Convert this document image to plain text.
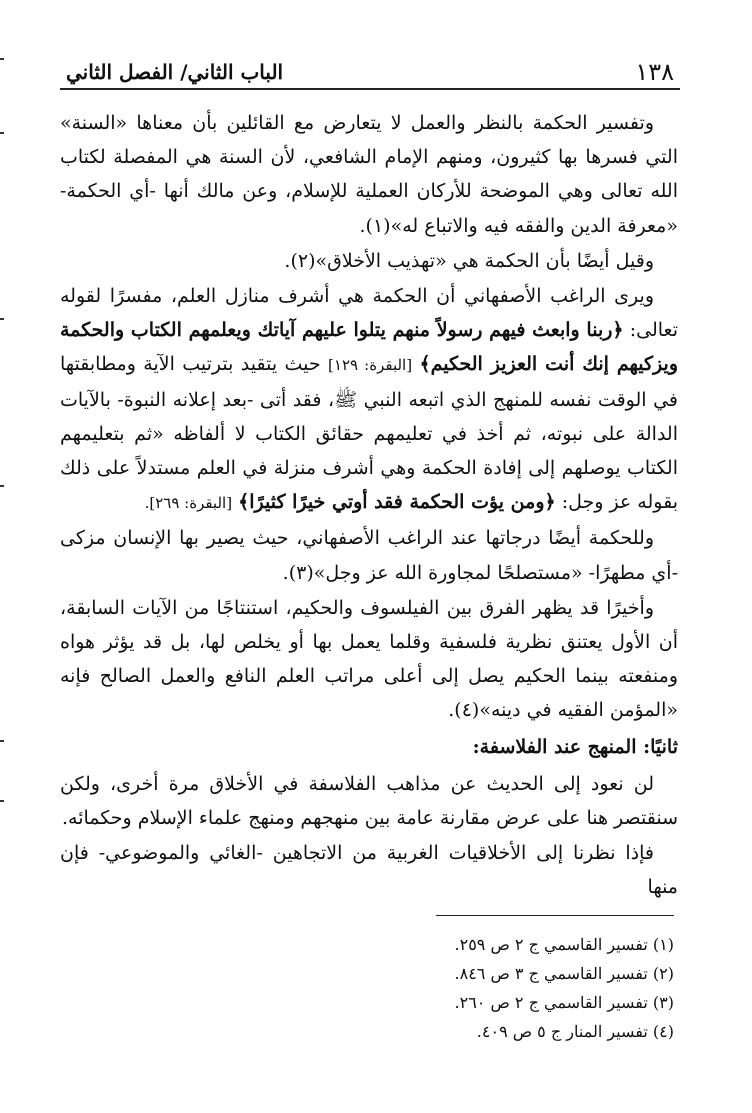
١٣٨
الباب الثاني/ الفصل الثاني

وتفسير الحكمة بالنظر والعمل لا يتعارض مع القائلين بأن معناها «السنة» التي فسرها بها كثيرون، ومنهم الإمام الشافعي، لأن السنة هي المفصلة لكتاب الله تعالى وهي الموضحة للأركان العملية للإسلام، وعن مالك أنها -أي الحكمة- «معرفة الدين والفقه فيه والاتباع له»(١).

وقيل أيضًا بأن الحكمة هي «تهذيب الأخلاق»(٢).

ويرى الراغب الأصفهاني أن الحكمة هي أشرف منازل العلم، مفسرًا لقوله تعالى: ﴿ربنا وابعث فيهم رسولاً منهم يتلوا عليهم آياتك ويعلمهم الكتاب والحكمة ويزكيهم إنك أنت العزيز الحكيم﴾ [البقرة: ١٢٩] حيث يتقيد بترتيب الآية ومطابقتها في الوقت نفسه للمنهج الذي اتبعه النبي ﷺ، فقد أتى -بعد إعلانه النبوة- بالآيات الدالة على نبوته، ثم أخذ في تعليمهم حقائق الكتاب لا ألفاظه «ثم بتعليمهم الكتاب يوصلهم إلى إفادة الحكمة وهي أشرف منزلة في العلم مستدلاً على ذلك بقوله عز وجل: ﴿ومن يؤت الحكمة فقد أوتي خيرًا كثيرًا﴾ [البقرة: ٢٦٩].

وللحكمة أيضًا درجاتها عند الراغب الأصفهاني، حيث يصير بها الإنسان مزكى -أي مطهرًا- «مستصلحًا لمجاورة الله عز وجل»(٣).

وأخيرًا قد يظهر الفرق بين الفيلسوف والحكيم، استنتاجًا من الآيات السابقة، أن الأول يعتنق نظرية فلسفية وقلما يعمل بها أو يخلص لها، بل قد يؤثر هواه ومنفعته بينما الحكيم يصل إلى أعلى مراتب العلم النافع والعمل الصالح فإنه «المؤمن الفقيه في دينه»(٤).

ثانيًا: المنهج عند الفلاسفة:

لن نعود إلى الحديث عن مذاهب الفلاسفة في الأخلاق مرة أخرى، ولكن سنقتصر هنا على عرض مقارنة عامة بين منهجهم ومنهج علماء الإسلام وحكمائه.

فإذا نظرنا إلى الأخلاقيات الغربية من الاتجاهين -الغائي والموضوعي- فإن منها

(١) تفسير القاسمي ج ٢ ص ٢٥٩.
(٢) تفسير القاسمي ج ٣ ص ٨٤٦.
(٣) تفسير القاسمي ج ٢ ص ٢٦٠.
(٤) تفسير المنار ج ٥ ص ٤٠٩.
